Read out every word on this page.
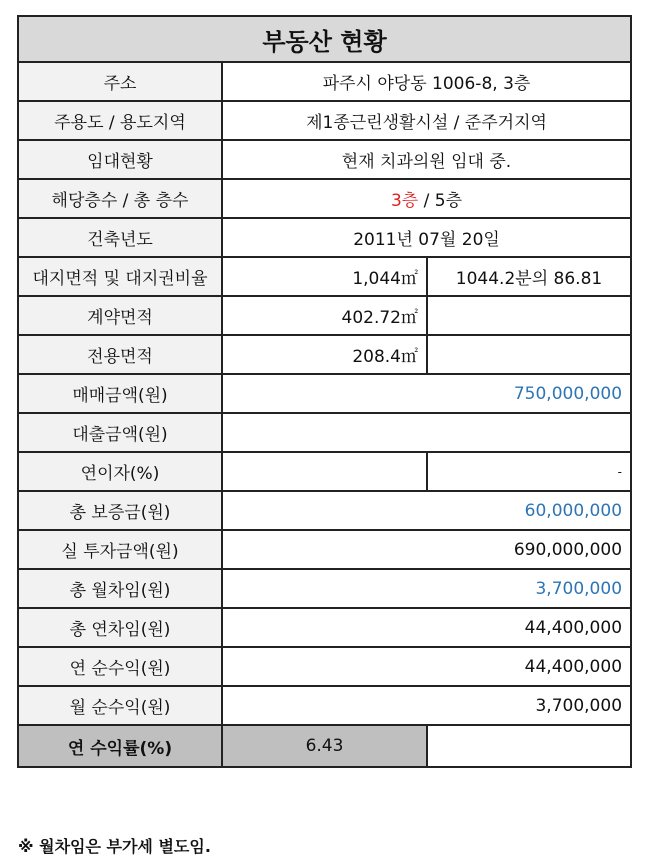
부동산 현황		
주소	파주시 야당동 1006-8, 3층	
주용도 / 용도지역	제1종근린생활시설 / 준주거지역	
임대현황	현재 치과의원 임대 중.	
해당층수 / 총 층수	3층 / 5층	
건축년도	2011년 07월 20일	
대지면적 및 대지권비율	1,044㎡	1044.2분의 86.81
계약면적	402.72㎡	
전용면적	208.4㎡	
매매금액(원)	750,000,000	
대출금액(원)		
연이자(%)		-
총 보증금(원)	60,000,000	
실 투자금액(원)	690,000,000	
총 월차임(원)	3,700,000	
총 연차임(원)	44,400,000	
연 순수익(원)	44,400,000	
월 순수익(원)	3,700,000	
연 수익률(%)	6.43	
※ 월차임은 부가세 별도임.
